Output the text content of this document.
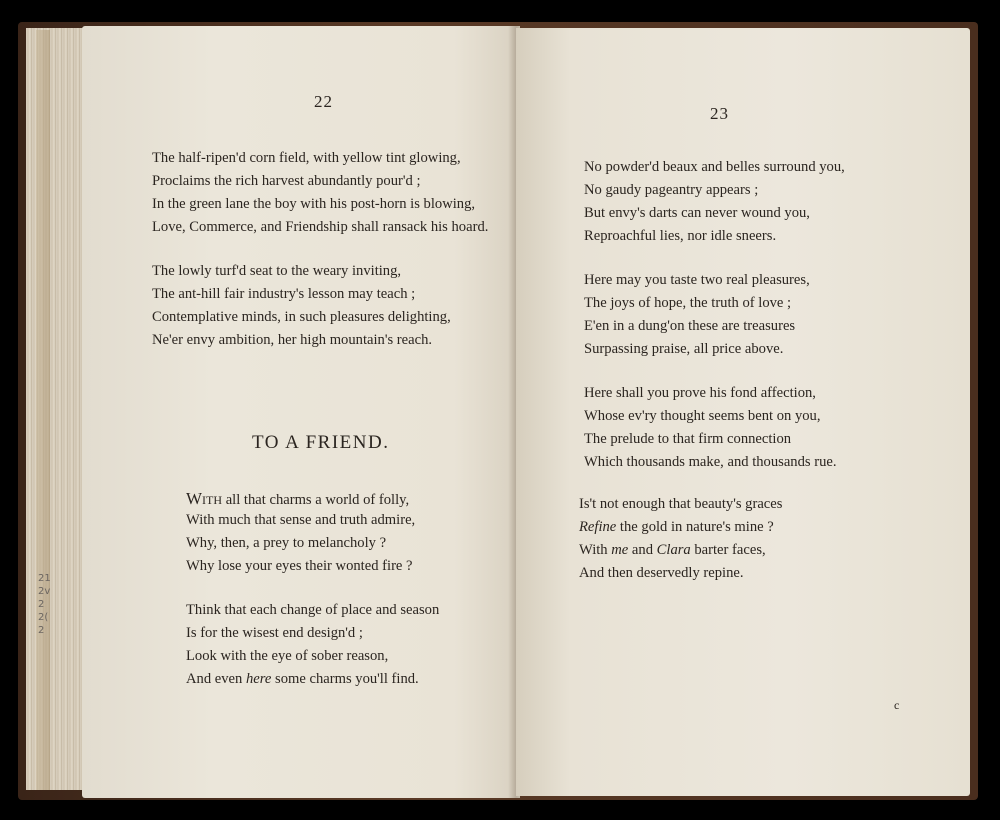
22
The half-ripen'd corn field, with yellow tint glowing,
Proclaims the rich harvest abundantly pour'd ;
In the green lane the boy with his post-horn is blowing,
Love, Commerce, and Friendship shall ransack his hoard.
The lowly turf'd seat to the weary inviting,
The ant-hill fair industry's lesson may teach ;
Contemplative minds, in such pleasures delighting,
Ne'er envy ambition, her high mountain's reach.
TO A FRIEND.
With all that charms a world of folly,
With much that sense and truth admire,
Why, then, a prey to melancholy ?
Why lose your eyes their wonted fire ?
Think that each change of place and season
Is for the wisest end design'd ;
Look with the eye of sober reason,
And even here some charms you'll find.
23
No powder'd beaux and belles surround you,
No gaudy pageantry appears ;
But envy's darts can never wound you,
Reproachful lies, nor idle sneers.
Here may you taste two real pleasures,
The joys of hope, the truth of love ;
E'en in a dung'on these are treasures
Surpassing praise, all price above.
Here shall you prove his fond affection,
Whose ev'ry thought seems bent on you,
The prelude to that firm connection
Which thousands make, and thousands rue.
Is't not enough that beauty's graces
Refine the gold in nature's mine ?
With me and Clara barter faces,
And then deservedly repine.
c
21
2v
2
2(
2
